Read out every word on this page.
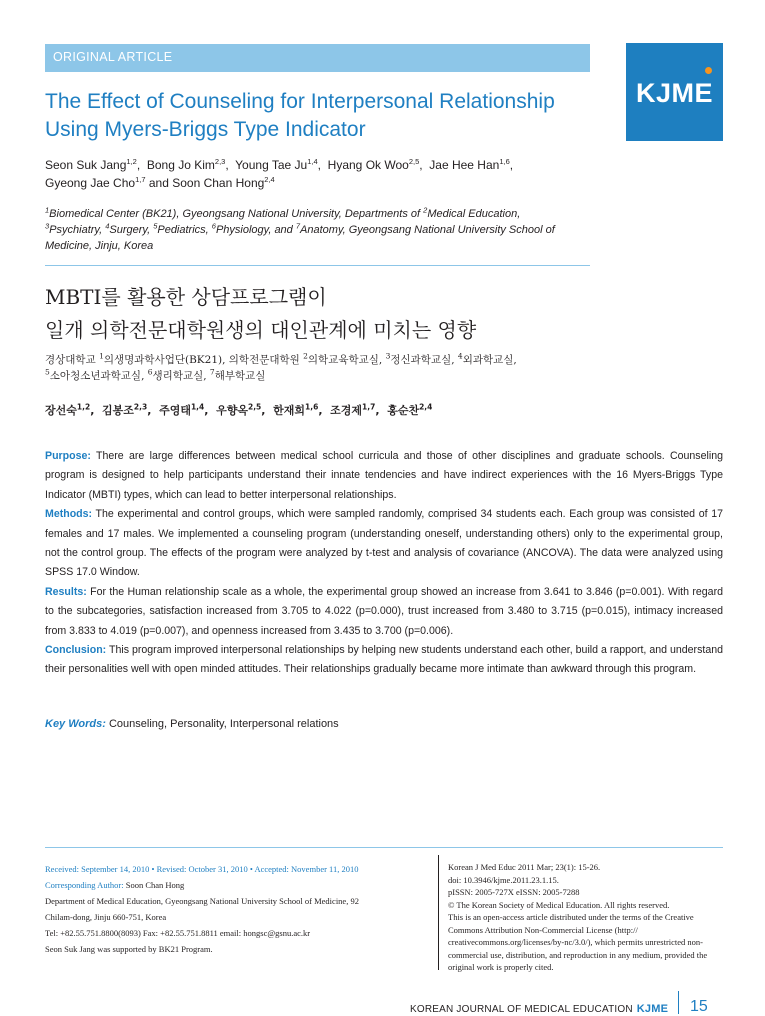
ORIGINAL ARTICLE
KJME
The Effect of Counseling for Interpersonal Relationship
Using Myers-Briggs Type Indicator
Seon Suk Jang$^{1,2}$,  Bong Jo Kim$^{2,3}$,  Young Tae Ju$^{1,4}$,  Hyang Ok Woo$^{2,5}$,  Jae Hee Han$^{1,6}$,
Gyeong Jae Cho$^{1,7}$ and Soon Chan Hong$^{2,4}$
$^1$Biomedical Center (BK21), Gyeongsang National University, Departments of $^2$Medical Education,
$^3$Psychiatry, $^4$Surgery, $^5$Pediatrics, $^6$Physiology, and $^7$Anatomy, Gyeongsang National University School of Medicine, Jinju, Korea
MBTI를 활용한 상담프로그램이
일개 의학전문대학원생의 대인관계에 미치는 영향
경상대학교 $^1$의생명과학사업단(BK21), 의학전문대학원 $^2$의학교육학교실, $^3$정신과학교실, $^4$외과학교실,
$^5$소아청소년과학교실, $^6$생리학교실, $^7$해부학교실
장선숙$^{1,2}$,  김봉조$^{2,3}$,  주영태$^{1,4}$,  우향옥$^{2,5}$,  한재희$^{1,6}$,  조경제$^{1,7}$,  홍순찬$^{2,4}$

Purpose: There are large differences between medical school curricula and those of other disciplines and graduate schools. Counseling program is designed to help participants understand their innate tendencies and have indirect experiences with the 16 Myers-Briggs Type Indicator (MBTI) types, which can lead to better interpersonal relationships.

Methods: The experimental and control groups, which were sampled randomly, comprised 34 students each. Each group was consisted of 17 females and 17 males. We implemented a counseling program (understanding oneself, understanding others) only to the experimental group, not the control group. The effects of the program were analyzed by t-test and analysis of covariance (ANCOVA). The data were analyzed using SPSS 17.0 Window.

Results: For the Human relationship scale as a whole, the experimental group showed an increase from 3.641 to 3.846 (p=0.001). With regard to the subcategories, satisfaction increased from 3.705 to 4.022 (p=0.000), trust increased from 3.480 to 3.715 (p=0.015), intimacy increased from 3.833 to 4.019 (p=0.007), and openness increased from 3.435 to 3.700 (p=0.006).

Conclusion: This program improved interpersonal relationships by helping new students understand each other, build a rapport, and understand their personalities well with open minded attitudes. Their relationships gradually became more intimate than awkward through this program.

Key Words: Counseling, Personality, Interpersonal relations
Received: September 14, 2010 • Revised: October 31, 2010 • Accepted: November 11, 2010
Corresponding Author: Soon Chan Hong
Department of Medical Education, Gyeongsang National University School of Medicine, 92
Chilam-dong, Jinju 660-751, Korea
Tel: +82.55.751.8800(8093) Fax: +82.55.751.8811 email: hongsc@gsnu.ac.kr
Seon Suk Jang was supported by BK21 Program.
Korean J Med Educ 2011 Mar; 23(1): 15-26.
doi: 10.3946/kjme.2011.23.1.15.
pISSN: 2005-727X eISSN: 2005-7288
© The Korean Society of Medical Education. All rights reserved.
This is an open-access article distributed under the terms of the Creative Commons Attribution Non-Commercial License (http:// creativecommons.org/licenses/by-nc/3.0/), which permits unrestricted non-commercial use, distribution, and reproduction in any medium, provided the original work is properly cited.
KOREAN JOURNAL OF MEDICAL EDUCATION KJME 15
